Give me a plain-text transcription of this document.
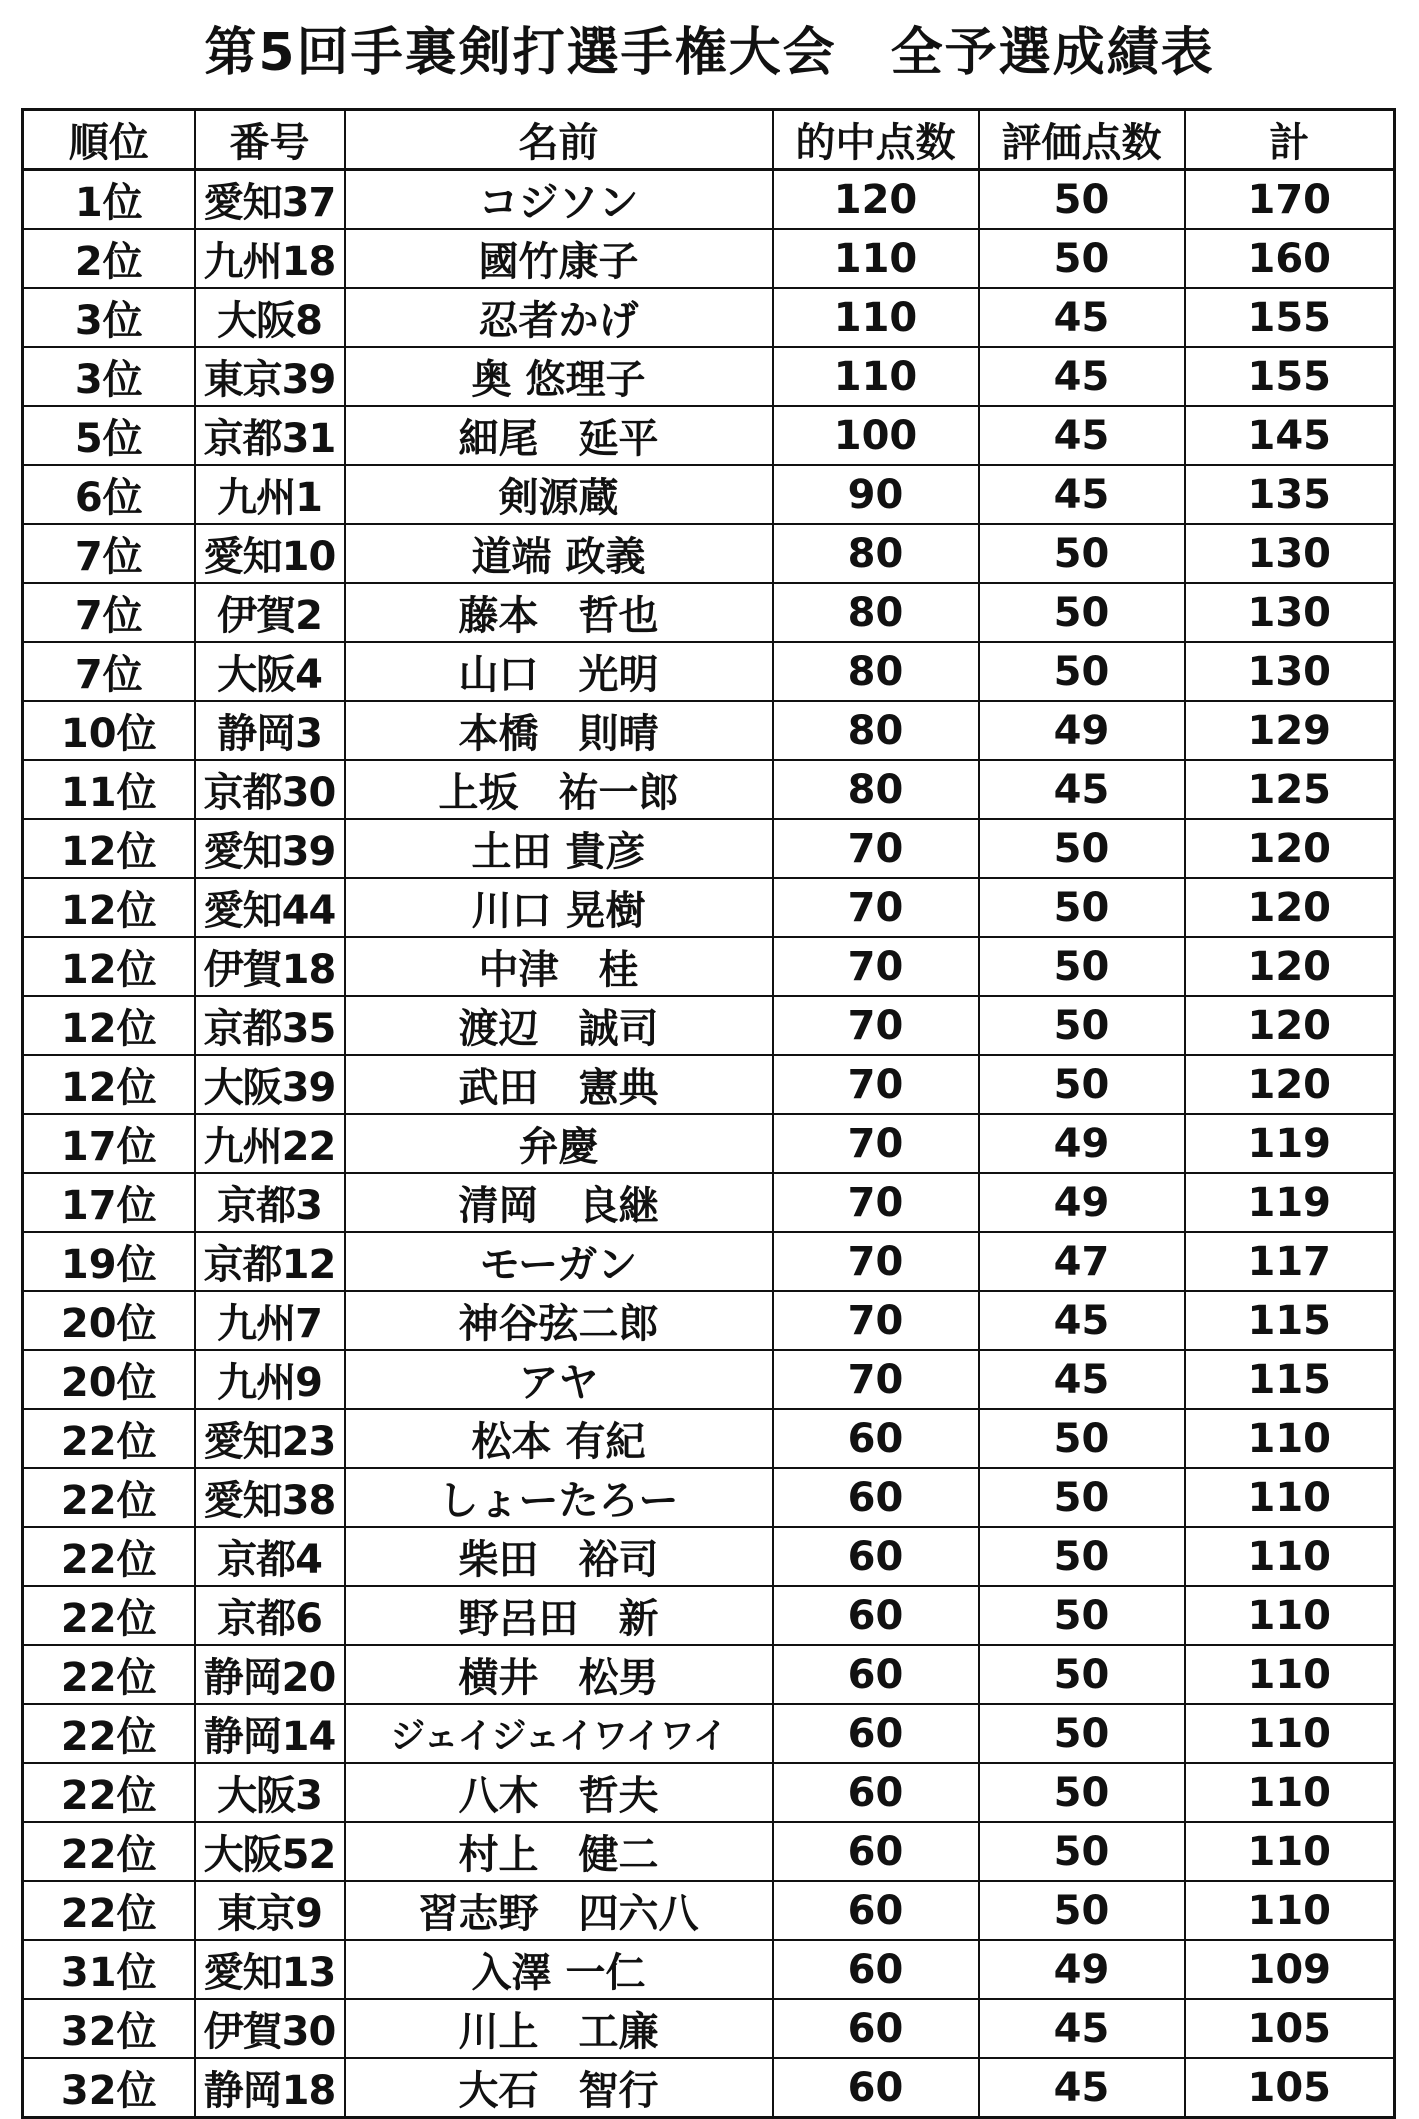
第5回手裏剣打選手権大会　全予選成績表
順位	番号	名前	的中点数	評価点数	計
1位	愛知37	コジソン	120	50	170
2位	九州18	國竹康子	110	50	160
3位	大阪8	忍者かげ	110	45	155
3位	東京39	奥 悠理子	110	45	155
5位	京都31	細尾　延平	100	45	145
6位	九州1	剣源蔵	90	45	135
7位	愛知10	道端 政義	80	50	130
7位	伊賀2	藤本　哲也	80	50	130
7位	大阪4	山口　光明	80	50	130
10位	静岡3	本橋　則晴	80	49	129
11位	京都30	上坂　祐一郎	80	45	125
12位	愛知39	土田 貴彦	70	50	120
12位	愛知44	川口 晃樹	70	50	120
12位	伊賀18	中津　桂	70	50	120
12位	京都35	渡辺　誠司	70	50	120
12位	大阪39	武田　憲典	70	50	120
17位	九州22	弁慶	70	49	119
17位	京都3	清岡　良継	70	49	119
19位	京都12	モーガン	70	47	117
20位	九州7	神谷弦二郎	70	45	115
20位	九州9	アヤ	70	45	115
22位	愛知23	松本 有紀	60	50	110
22位	愛知38	しょーたろー	60	50	110
22位	京都4	柴田　裕司	60	50	110
22位	京都6	野呂田　新	60	50	110
22位	静岡20	横井　松男	60	50	110
22位	静岡14	ジェイジェイワイワイ	60	50	110
22位	大阪3	八木　哲夫	60	50	110
22位	大阪52	村上　健二	60	50	110
22位	東京9	習志野　四六八	60	50	110
31位	愛知13	入澤 一仁	60	49	109
32位	伊賀30	川上　工廉	60	45	105
32位	静岡18	大石　智行	60	45	105
